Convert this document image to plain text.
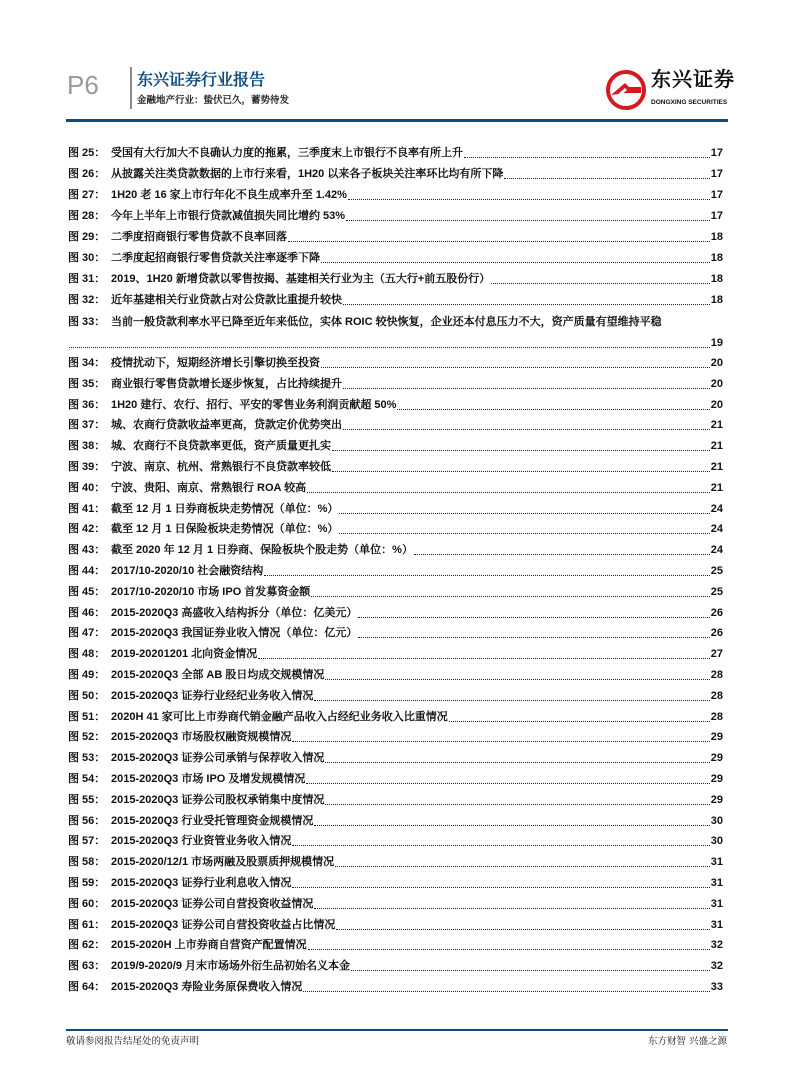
P6 东兴证券行业报告
金融地产行业：蛰伏已久，蓄势待发
东兴证券
DONGXING SECURITIES
图 25： 受国有大行加大不良确认力度的拖累，三季度末上市银行不良率有所上升	17
图 26： 从披露关注类贷款数据的上市行来看，1H20 以来各子板块关注率环比均有所下降	17
图 27： 1H20 老 16 家上市行年化不良生成率升至 1.42%	17
图 28： 今年上半年上市银行贷款减值损失同比增约 53%	17
图 29： 二季度招商银行零售贷款不良率回落	18
图 30： 二季度起招商银行零售贷款关注率逐季下降	18
图 31： 2019、1H20 新增贷款以零售按揭、基建相关行业为主（五大行+前五股份行）	18
图 32： 近年基建相关行业贷款占对公贷款比重提升较快	18
图 33： 当前一般贷款利率水平已降至近年来低位，实体 ROIC 较快恢复，企业还本付息压力不大，资产质量有望维持平稳
19
图 34： 疫情扰动下，短期经济增长引擎切换至投资	20
图 35： 商业银行零售贷款增长逐步恢复，占比持续提升	20
图 36： 1H20 建行、农行、招行、平安的零售业务利润贡献超 50%	20
图 37： 城、农商行贷款收益率更高，贷款定价优势突出	21
图 38： 城、农商行不良贷款率更低，资产质量更扎实	21
图 39： 宁波、南京、杭州、常熟银行不良贷款率较低	21
图 40： 宁波、贵阳、南京、常熟银行 ROA 较高	21
图 41： 截至 12 月 1 日券商板块走势情况（单位：%）	24
图 42： 截至 12 月 1 日保险板块走势情况（单位：%）	24
图 43： 截至 2020 年 12 月 1 日券商、保险板块个股走势（单位：%）	24
图 44： 2017/10-2020/10 社会融资结构	25
图 45： 2017/10-2020/10 市场 IPO 首发募资金额	25
图 46： 2015-2020Q3 高盛收入结构拆分（单位：亿美元）	26
图 47： 2015-2020Q3 我国证券业收入情况（单位：亿元）	26
图 48： 2019-20201201 北向资金情况	27
图 49： 2015-2020Q3 全部 AB 股日均成交规模情况	28
图 50： 2015-2020Q3 证券行业经纪业务收入情况	28
图 51： 2020H 41 家可比上市券商代销金融产品收入占经纪业务收入比重情况	28
图 52： 2015-2020Q3 市场股权融资规模情况	29
图 53： 2015-2020Q3 证券公司承销与保荐收入情况	29
图 54： 2015-2020Q3 市场 IPO 及增发规模情况	29
图 55： 2015-2020Q3 证券公司股权承销集中度情况	29
图 56： 2015-2020Q3 行业受托管理资金规模情况	30
图 57： 2015-2020Q3 行业资管业务收入情况	30
图 58： 2015-2020/12/1 市场两融及股票质押规模情况	31
图 59： 2015-2020Q3 证券行业利息收入情况	31
图 60： 2015-2020Q3 证券公司自营投资收益情况	31
图 61： 2015-2020Q3 证券公司自营投资收益占比情况	31
图 62： 2015-2020H 上市券商自营资产配置情况	32
图 63： 2019/9-2020/9 月末市场场外衍生品初始名义本金	32
图 64： 2015-2020Q3 寿险业务原保费收入情况	33
敬请参阅报告结尾处的免责声明	东方财智 兴盛之源
